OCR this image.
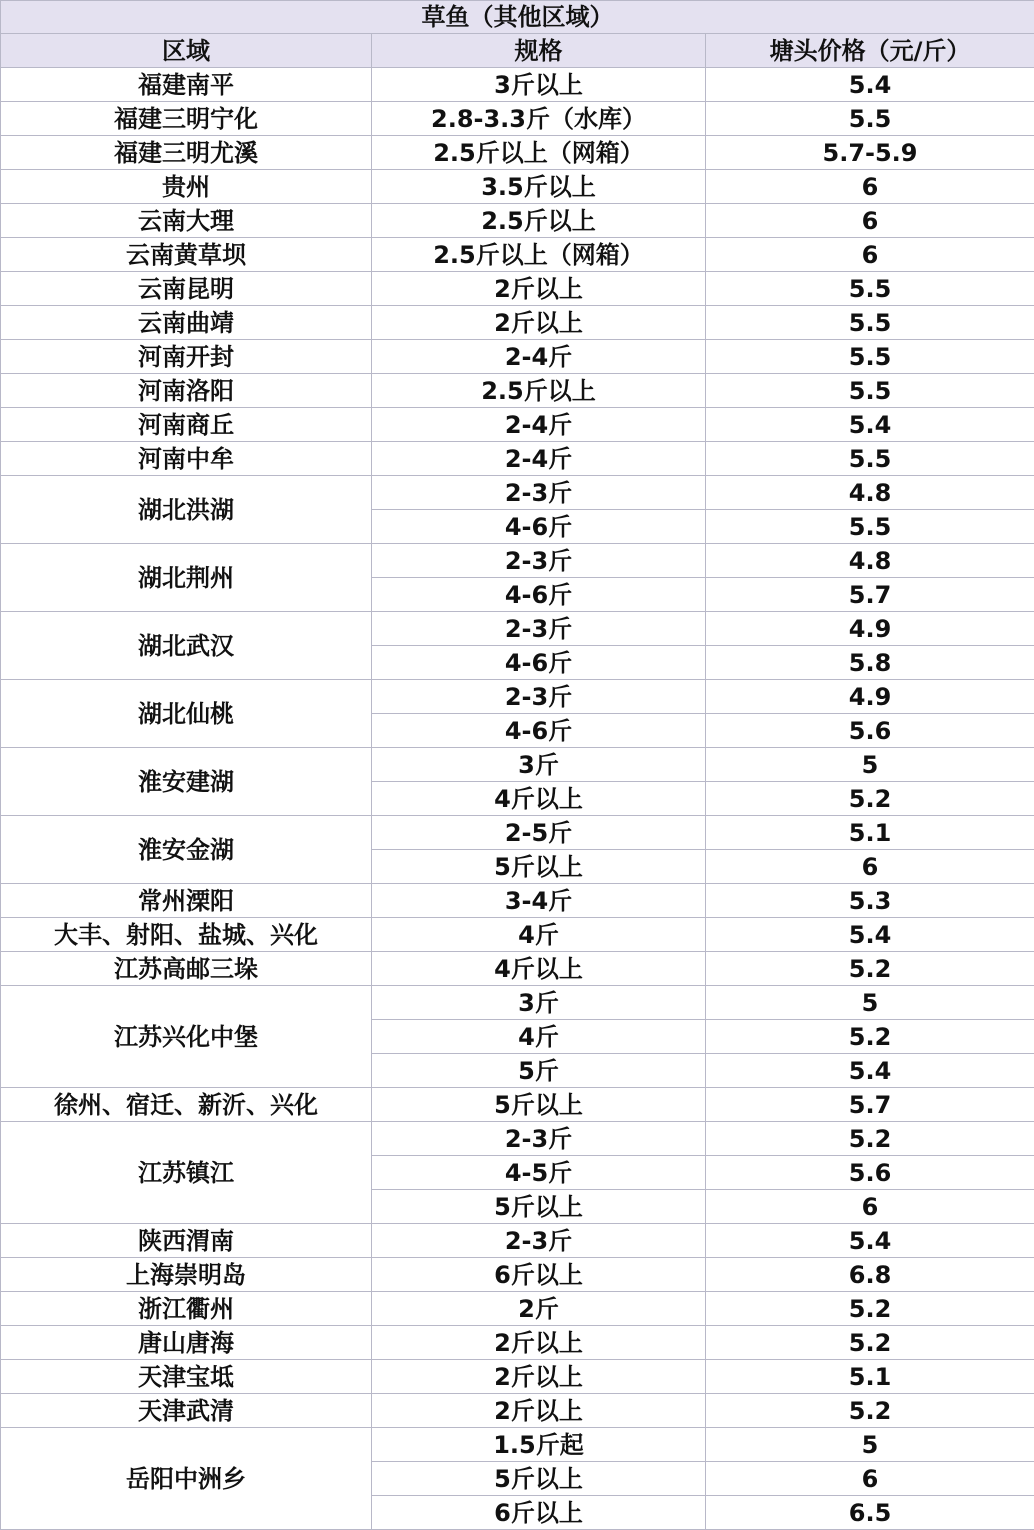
草鱼（其他区域）		
区域	规格	塘头价格（元/斤）
福建南平	3斤以上	5.4
福建三明宁化	2.8-3.3斤（水库）	5.5
福建三明尤溪	2.5斤以上（网箱）	5.7-5.9
贵州	3.5斤以上	6
云南大理	2.5斤以上	6
云南黄草坝	2.5斤以上（网箱）	6
云南昆明	2斤以上	5.5
云南曲靖	2斤以上	5.5
河南开封	2-4斤	5.5
河南洛阳	2.5斤以上	5.5
河南商丘	2-4斤	5.4
河南中牟	2-4斤	5.5
湖北洪湖	2-3斤	4.8
	4-6斤	5.5
湖北荆州	2-3斤	4.8
	4-6斤	5.7
湖北武汉	2-3斤	4.9
	4-6斤	5.8
湖北仙桃	2-3斤	4.9
	4-6斤	5.6
淮安建湖	3斤	5
	4斤以上	5.2
淮安金湖	2-5斤	5.1
	5斤以上	6
常州溧阳	3-4斤	5.3
大丰、射阳、盐城、兴化	4斤	5.4
江苏高邮三垛	4斤以上	5.2
江苏兴化中堡	3斤	5
	4斤	5.2
	5斤	5.4
徐州、宿迁、新沂、兴化	5斤以上	5.7
江苏镇江	2-3斤	5.2
	4-5斤	5.6
	5斤以上	6
陕西渭南	2-3斤	5.4
上海崇明岛	6斤以上	6.8
浙江衢州	2斤	5.2
唐山唐海	2斤以上	5.2
天津宝坻	2斤以上	5.1
天津武清	2斤以上	5.2
岳阳中洲乡	1.5斤起	5
	5斤以上	6
	6斤以上	6.5
